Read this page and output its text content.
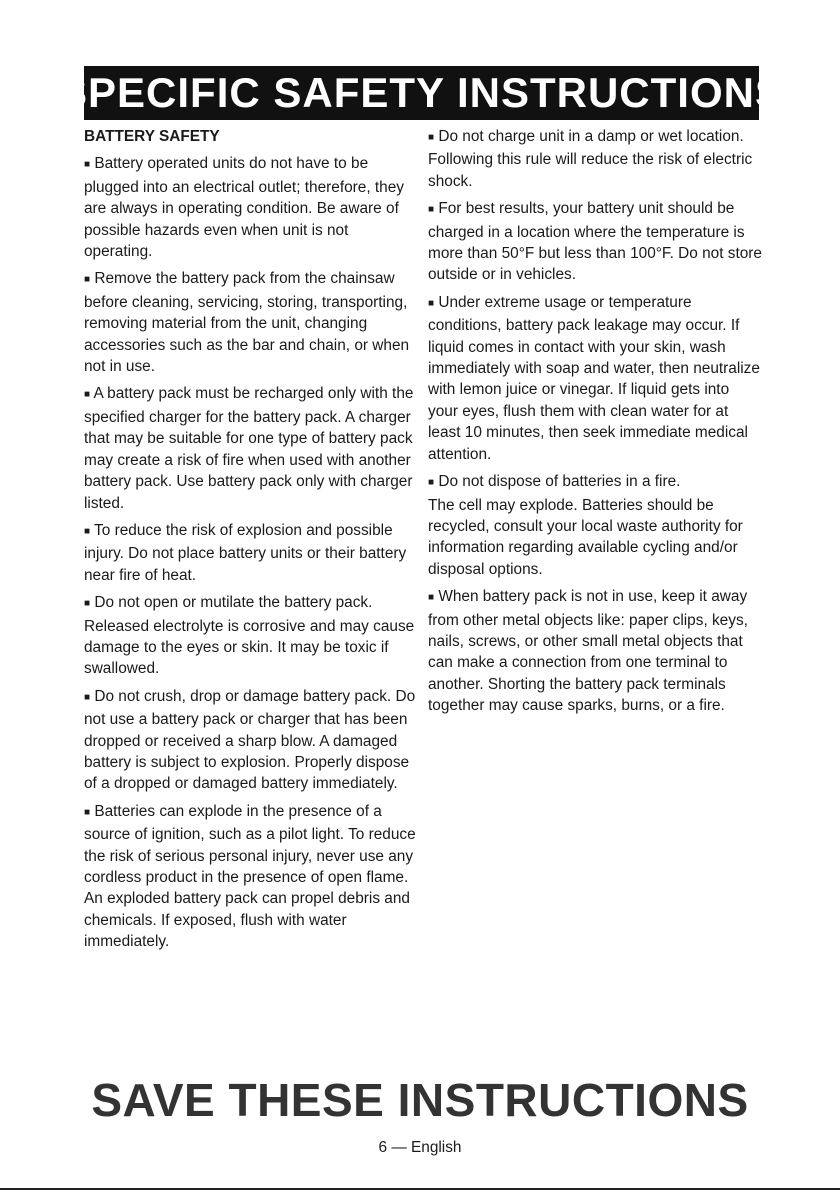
SPECIFIC SAFETY INSTRUCTIONS
BATTERY SAFETY

■ Battery operated units do not have to be plugged into an electrical outlet; therefore, they are always in operating condition. Be aware of possible hazards even when unit is not operating.

■ Remove the battery pack from the chainsaw before cleaning, servicing, storing, transporting, removing material from the unit, changing accessories such as the bar and chain, or when not in use.

■ A battery pack must be recharged only with the specified charger for the battery pack. A charger that may be suitable for one type of battery pack may create a risk of fire when used with another battery pack. Use battery pack only with charger listed.

■ To reduce the risk of explosion and possible injury. Do not place battery units or their battery near fire of heat.

■ Do not open or mutilate the battery pack. Released electrolyte is corrosive and may cause damage to the eyes or skin. It may be toxic if swallowed.

■ Do not crush, drop or damage battery pack. Do not use a battery pack or charger that has been dropped or received a sharp blow. A damaged battery is subject to explosion. Properly dispose of a dropped or damaged battery immediately.

■ Batteries can explode in the presence of a source of ignition, such as a pilot light. To reduce the risk of serious personal injury, never use any cordless product in the presence of open flame. An exploded battery pack can propel debris and chemicals. If exposed, flush with water immediately.

■ Do not charge unit in a damp or wet location. Following this rule will reduce the risk of electric shock.

■ For best results, your battery unit should be charged in a location where the temperature is more than 50°F but less than 100°F. Do not store outside or in vehicles.

■ Under extreme usage or temperature conditions, battery pack leakage may occur. If liquid comes in contact with your skin, wash immediately with soap and water, then neutralize with lemon juice or vinegar. If liquid gets into your eyes, flush them with clean water for at least 10 minutes, then seek immediate medical attention.

■ Do not dispose of batteries in a fire.

The cell may explode. Batteries should be recycled, consult your local waste authority for information regarding available cycling and/or disposal options.

■ When battery pack is not in use, keep it away from other metal objects like: paper clips, keys, nails, screws, or other small metal objects that can make a connection from one terminal to another. Shorting the battery pack terminals together may cause sparks, burns, or a fire.

SAVE THESE INSTRUCTIONS
6 — English
